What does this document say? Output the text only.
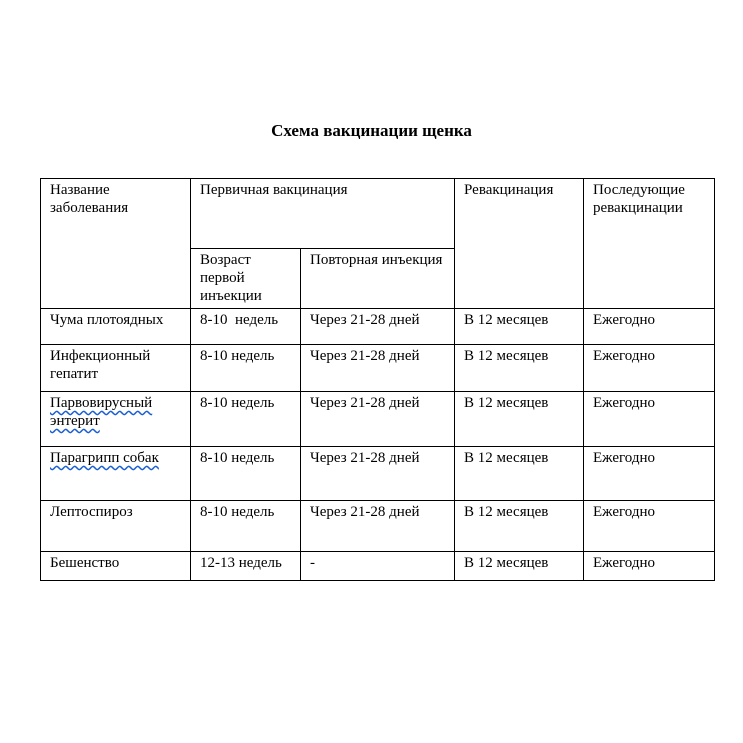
Схема вакцинации щенка
Название заболевания	Первичная вакцинация		Ревакцинация	Последующие ревакцинации
	Возраст первой инъекции	Повторная инъекция		
Чума плотоядных	8-10  недель	Через 21-28 дней	В 12 месяцев	Ежегодно
Инфекционный гепатит	8-10 недель	Через 21-28 дней	В 12 месяцев	Ежегодно
Парвовирусный энтерит	8-10 недель	Через 21-28 дней	В 12 месяцев	Ежегодно
Парагрипп собак	8-10 недель	Через 21-28 дней	В 12 месяцев	Ежегодно
Лептоспироз	8-10 недель	Через 21-28 дней	В 12 месяцев	Ежегодно
Бешенство	12-13 недель	-	В 12 месяцев	Ежегодно
